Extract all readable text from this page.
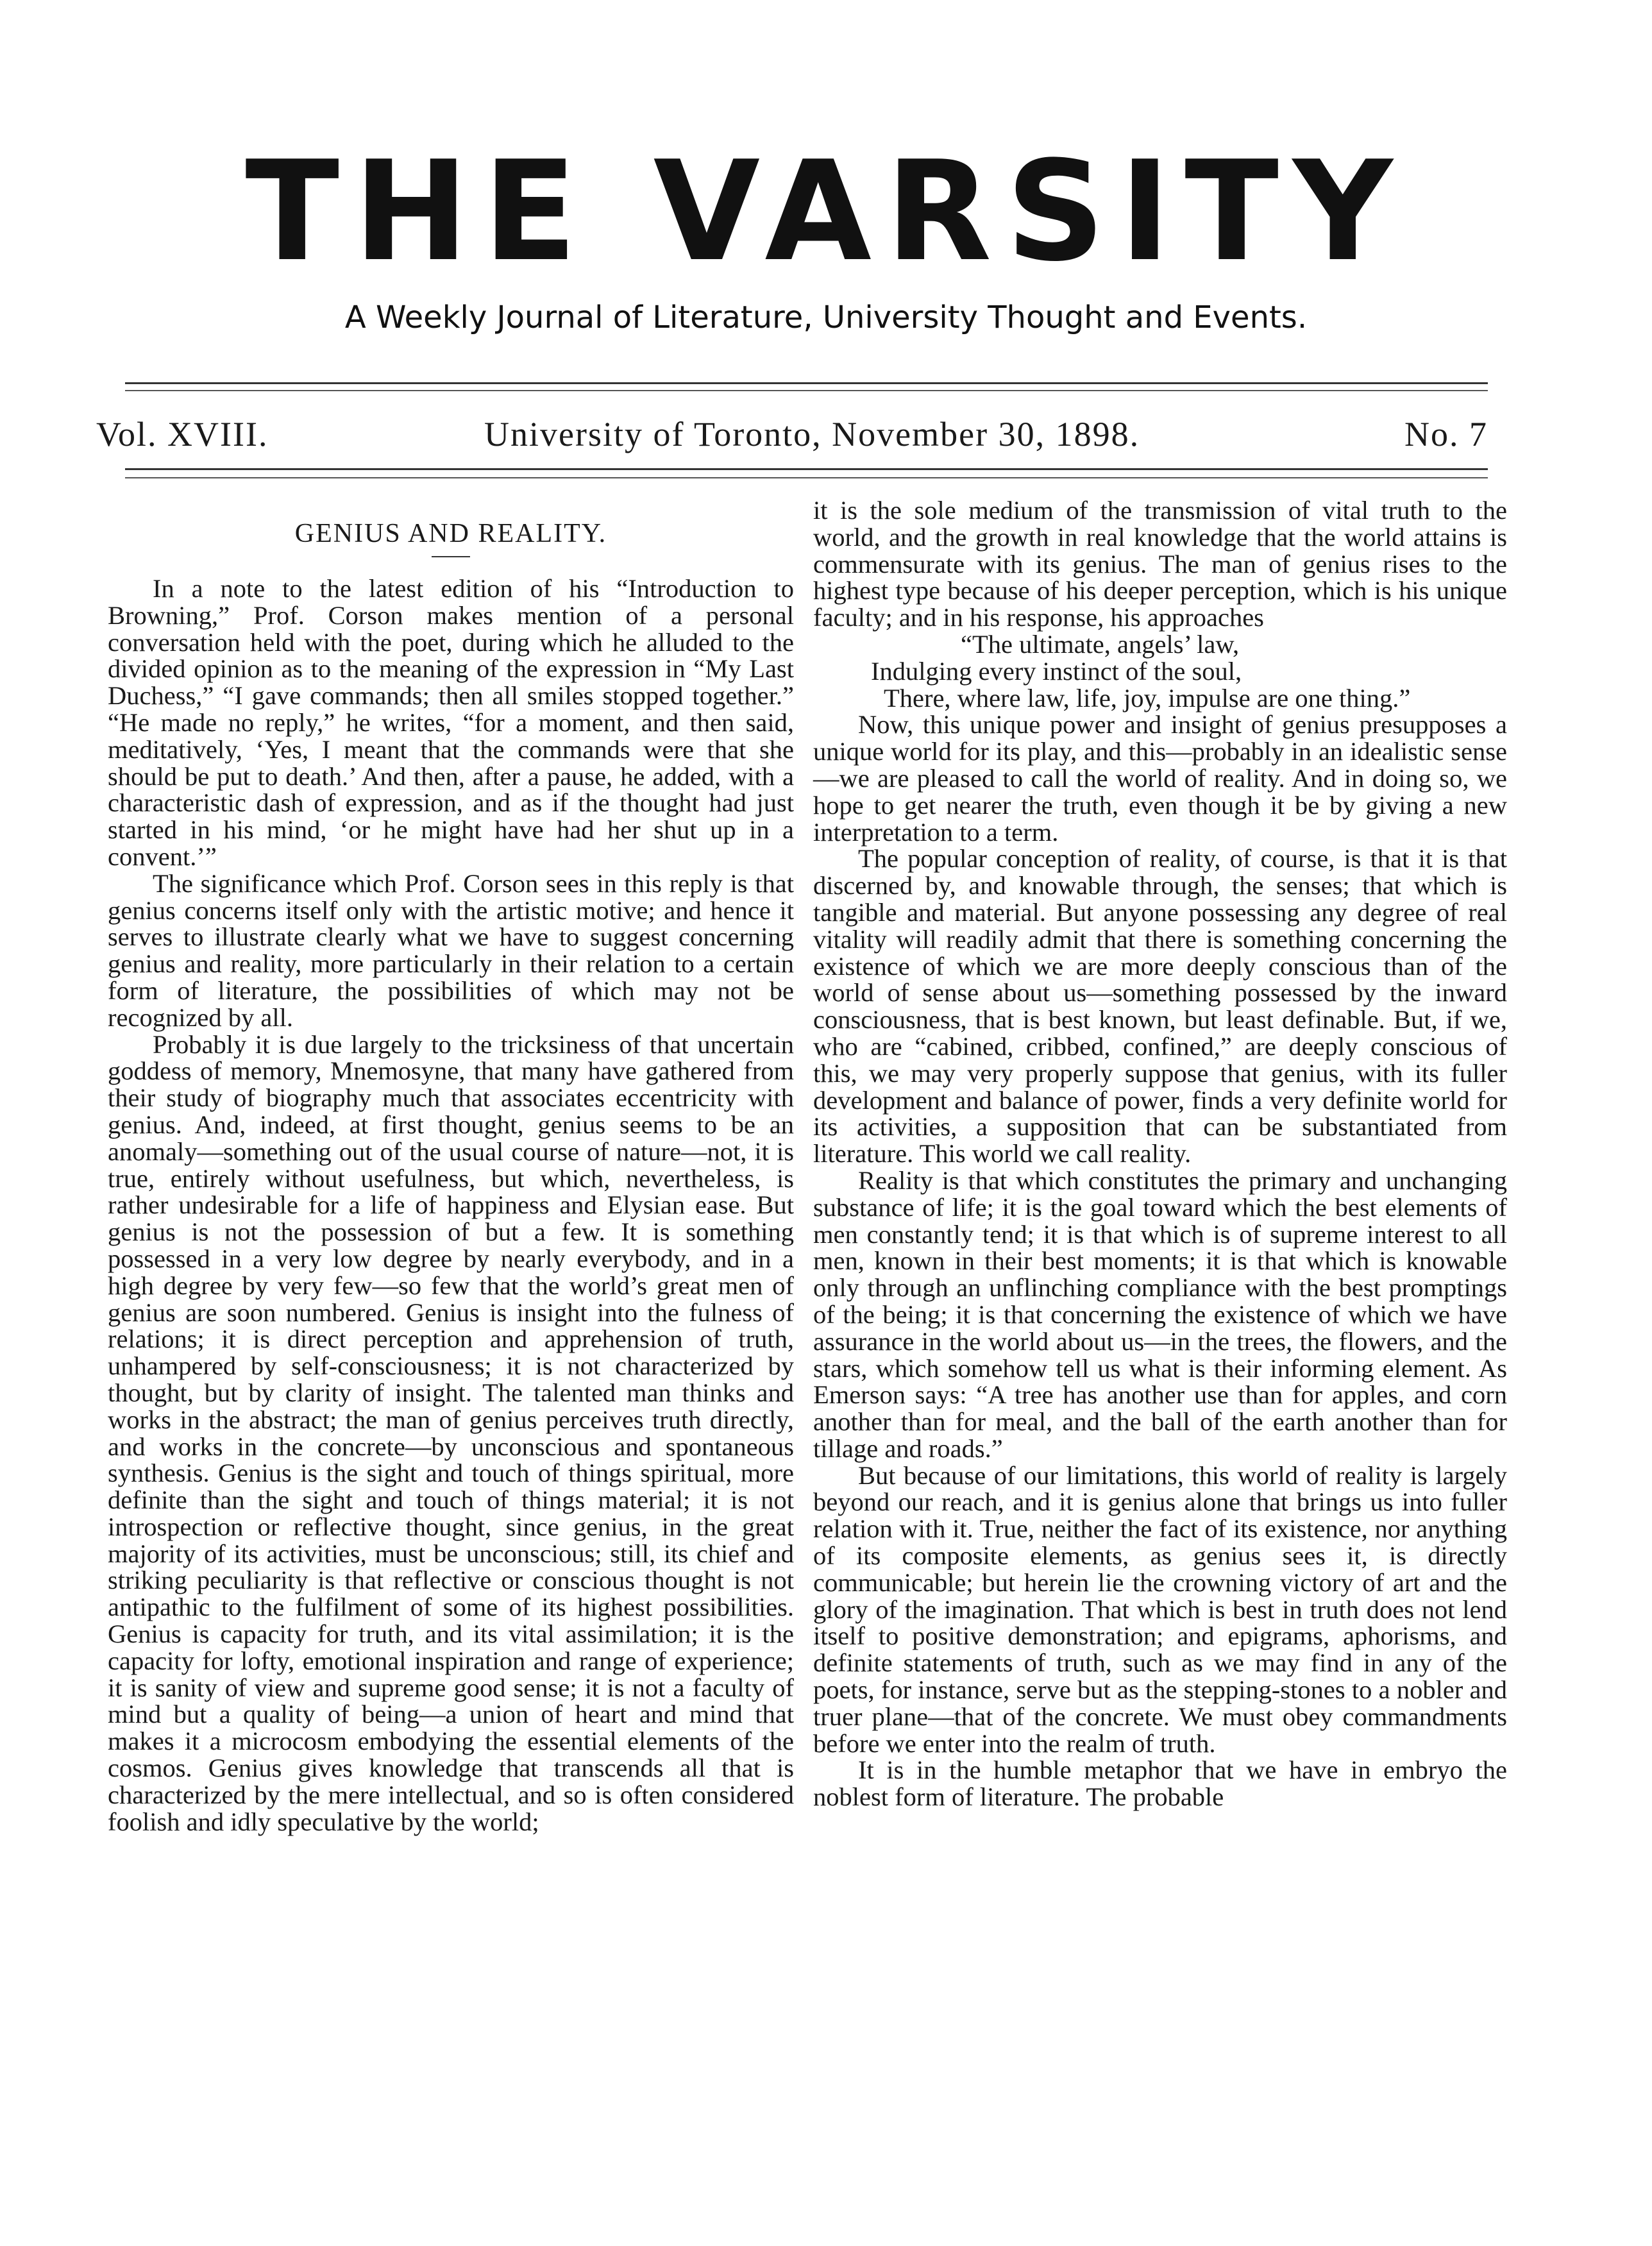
THE VARSITY
A Weekly Journal of Literature, University Thought and Events.
Vol. XVIII.	University of Toronto, November 30, 1898.	No. 7
GENIUS AND REALITY.

In a note to the latest edition of his “Introduction to Browning,” Prof. Corson makes mention of a personal conversation held with the poet, during which he alluded to the divided opinion as to the meaning of the expression in “My Last Duchess,” “I gave commands; then all smiles stopped together.” “He made no reply,” he writes, “for a moment, and then said, meditatively, ‘Yes, I meant that the commands were that she should be put to death.’ And then, after a pause, he added, with a characteristic dash of expression, and as if the thought had just started in his mind, ‘or he might have had her shut up in a convent.’”

The significance which Prof. Corson sees in this reply is that genius concerns itself only with the artistic motive; and hence it serves to illustrate clearly what we have to suggest concerning genius and reality, more particularly in their relation to a certain form of literature, the possibilities of which may not be recognized by all.

Probably it is due largely to the tricksiness of that uncertain goddess of memory, Mnemosyne, that many have gathered from their study of biography much that associates eccentricity with genius. And, indeed, at first thought, genius seems to be an anomaly—something out of the usual course of nature—not, it is true, entirely without usefulness, but which, nevertheless, is rather undesirable for a life of happiness and Elysian ease. But genius is not the possession of but a few. It is something possessed in a very low degree by nearly everybody, and in a high degree by very few—so few that the world’s great men of genius are soon numbered. Genius is insight into the fulness of relations; it is direct perception and apprehension of truth, unhampered by self-consciousness; it is not characterized by thought, but by clarity of insight. The talented man thinks and works in the abstract; the man of genius perceives truth directly, and works in the concrete—by unconscious and spontaneous synthesis. Genius is the sight and touch of things spiritual, more definite than the sight and touch of things material; it is not introspection or reflective thought, since genius, in the great majority of its activities, must be unconscious; still, its chief and striking peculiarity is that reflective or conscious thought is not antipathic to the fulfilment of some of its highest possibilities. Genius is capacity for truth, and its vital assimilation; it is the capacity for lofty, emotional inspiration and range of experience; it is sanity of view and supreme good sense; it is not a faculty of mind but a quality of being—a union of heart and mind that makes it a microcosm embodying the essential elements of the cosmos. Genius gives knowledge that transcends all that is characterized by the mere intellectual, and so is often considered foolish and idly speculative by the world;

it is the sole medium of the transmission of vital truth to the world, and the growth in real knowledge that the world attains is commensurate with its genius. The man of genius rises to the highest type because of his deeper perception, which is his unique faculty; and in his response, his approaches

“The ultimate, angels’ law,

Indulging every instinct of the soul,

There, where law, life, joy, impulse are one thing.”

Now, this unique power and insight of genius presupposes a unique world for its play, and this—probably in an idealistic sense—we are pleased to call the world of reality. And in doing so, we hope to get nearer the truth, even though it be by giving a new interpretation to a term.

The popular conception of reality, of course, is that it is that discerned by, and knowable through, the senses; that which is tangible and material. But anyone possessing any degree of real vitality will readily admit that there is something concerning the existence of which we are more deeply conscious than of the world of sense about us—something possessed by the inward consciousness, that is best known, but least definable. But, if we, who are “cabined, cribbed, confined,” are deeply conscious of this, we may very properly suppose that genius, with its fuller development and balance of power, finds a very definite world for its activities, a supposition that can be substantiated from literature. This world we call reality.

Reality is that which constitutes the primary and unchanging substance of life; it is the goal toward which the best elements of men constantly tend; it is that which is of supreme interest to all men, known in their best moments; it is that which is knowable only through an unflinching compliance with the best promptings of the being; it is that concerning the existence of which we have assurance in the world about us—in the trees, the flowers, and the stars, which somehow tell us what is their informing element. As Emerson says: “A tree has another use than for apples, and corn another than for meal, and the ball of the earth another than for tillage and roads.”

But because of our limitations, this world of reality is largely beyond our reach, and it is genius alone that brings us into fuller relation with it. True, neither the fact of its existence, nor anything of its composite elements, as genius sees it, is directly communicable; but herein lie the crowning victory of art and the glory of the imagination. That which is best in truth does not lend itself to positive demonstration; and epigrams, aphorisms, and definite statements of truth, such as we may find in any of the poets, for instance, serve but as the stepping-stones to a nobler and truer plane—that of the concrete. We must obey commandments before we enter into the realm of truth.

It is in the humble metaphor that we have in embryo the noblest form of literature. The probable
